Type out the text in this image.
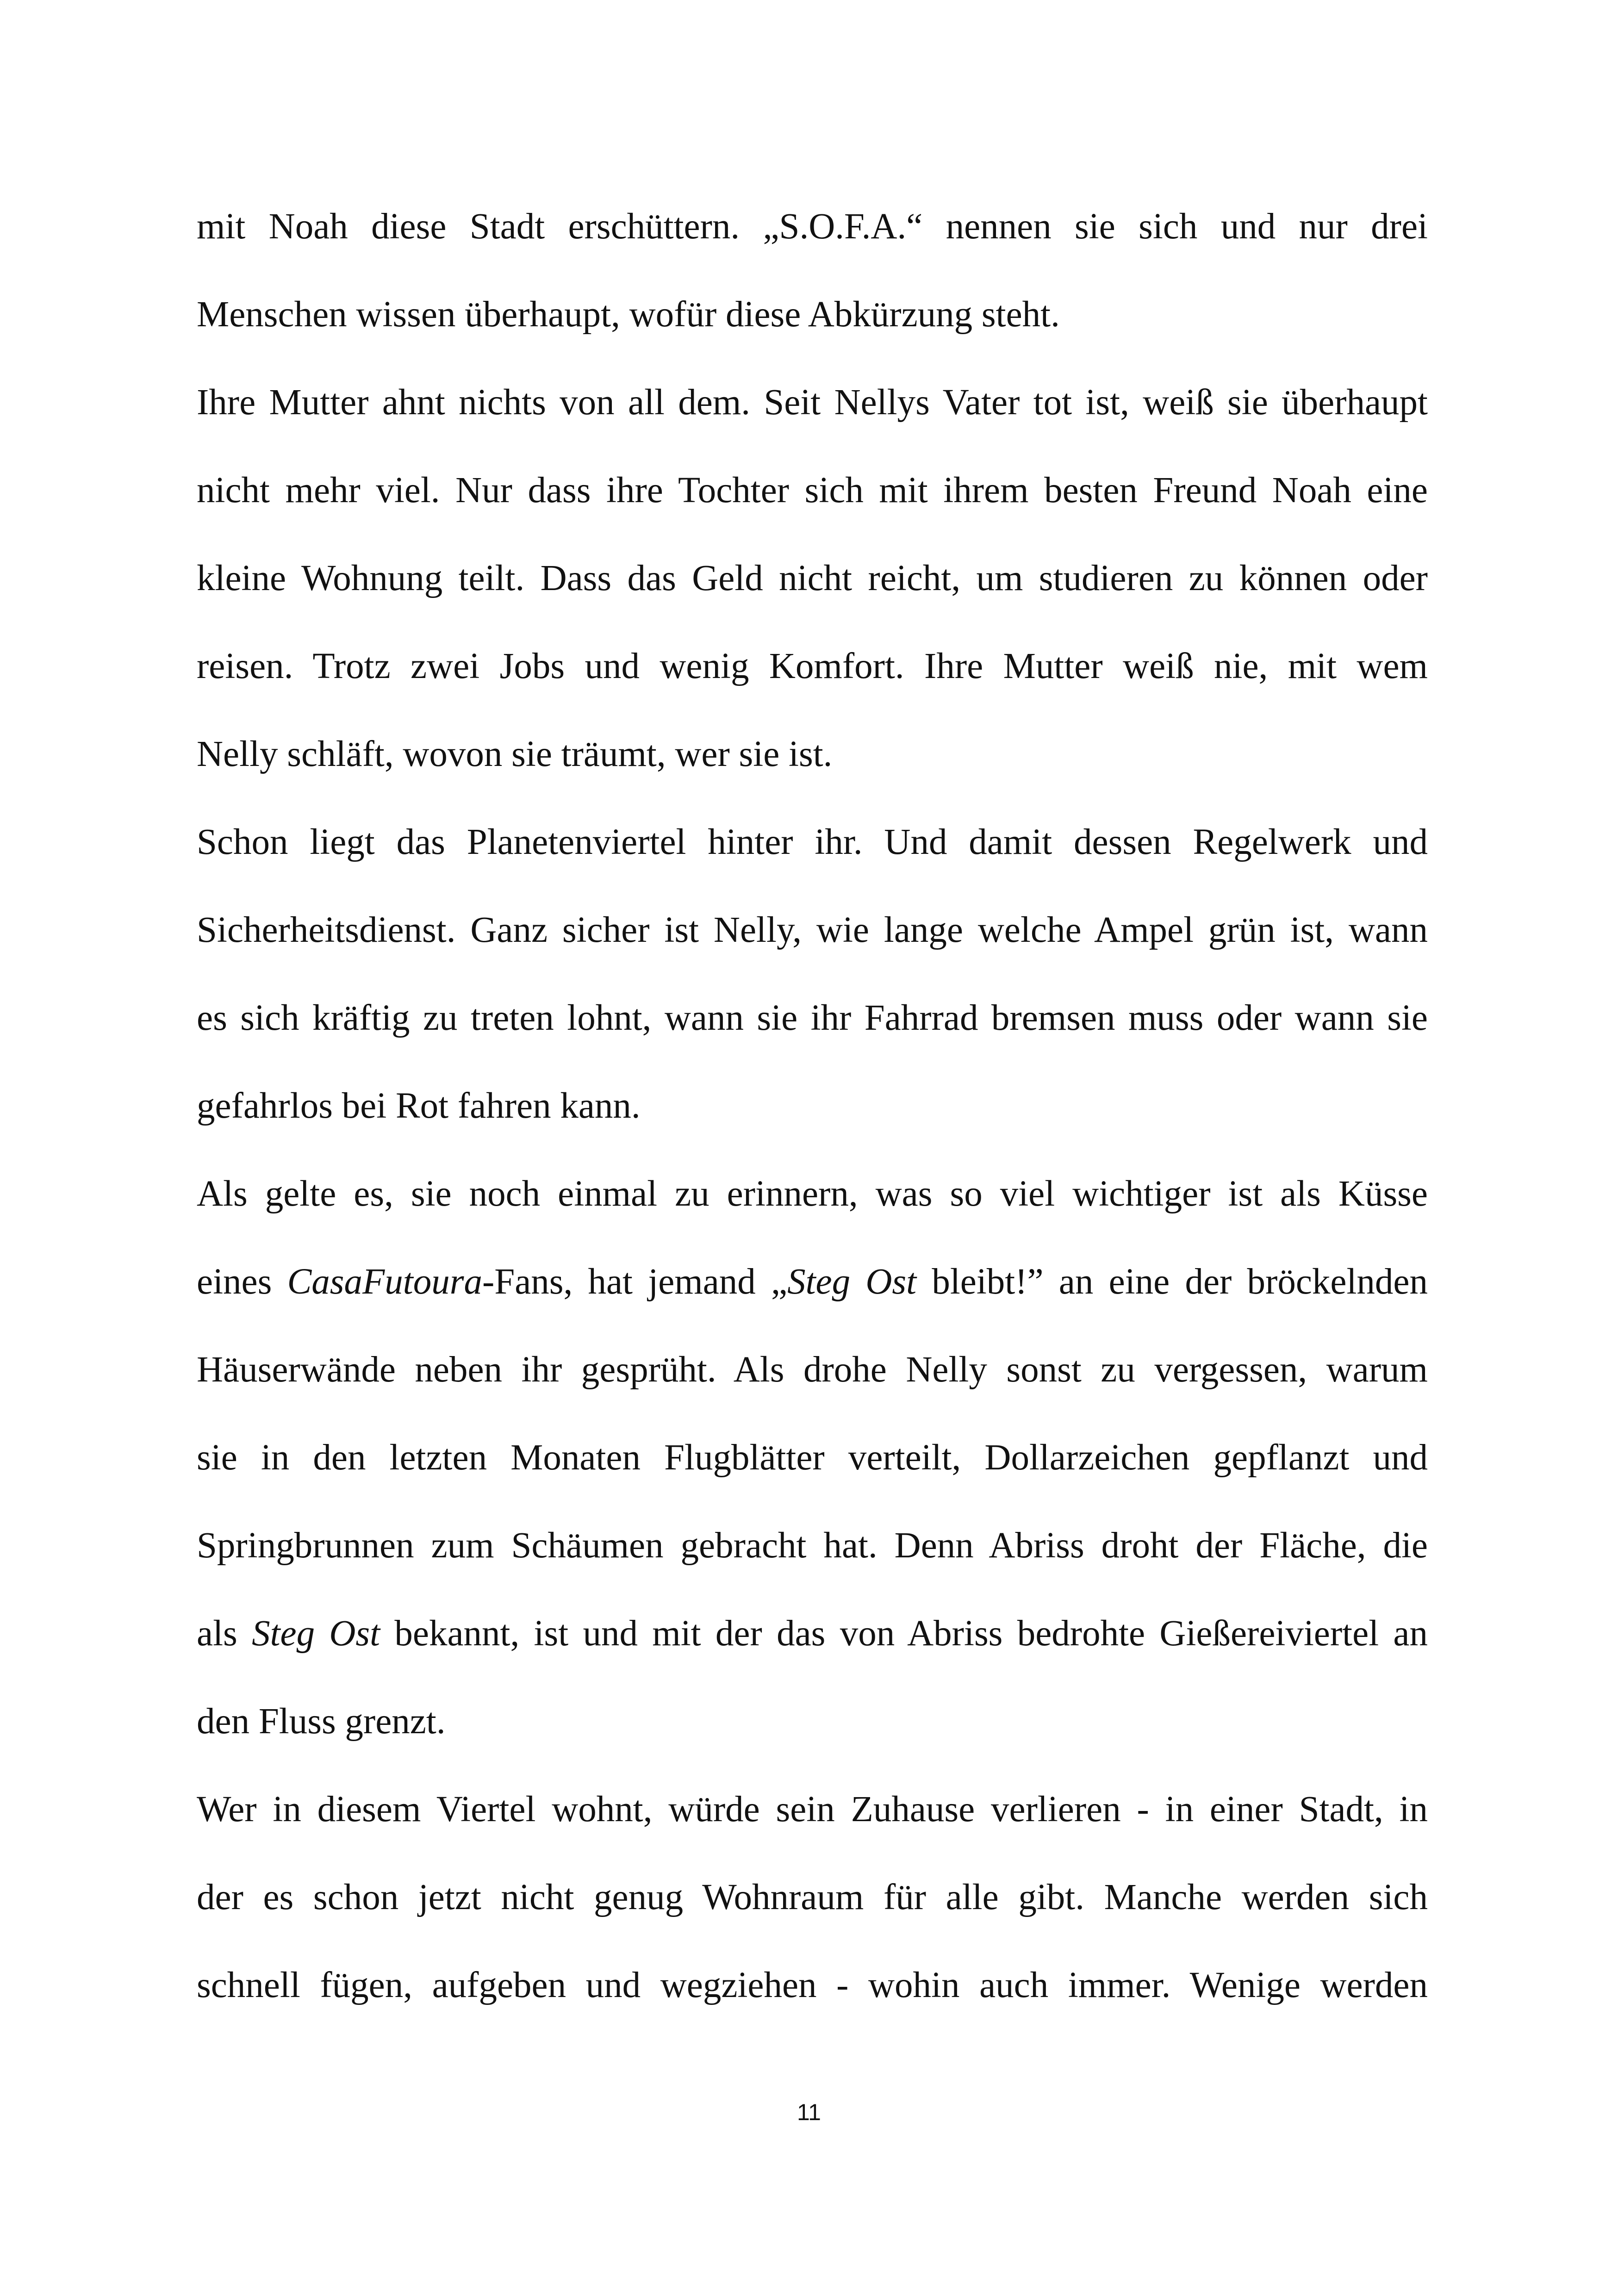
mit Noah diese Stadt erschüttern. „S.O.F.A.“ nennen sie sich und nur drei
Menschen wissen überhaupt, wofür diese Abkürzung steht.
Ihre Mutter ahnt nichts von all dem. Seit Nellys Vater tot ist, weiß sie überhaupt
nicht mehr viel. Nur dass ihre Tochter sich mit ihrem besten Freund Noah eine
kleine Wohnung teilt. Dass das Geld nicht reicht, um studieren zu können oder
reisen. Trotz zwei Jobs und wenig Komfort. Ihre Mutter weiß nie, mit wem
Nelly schläft, wovon sie träumt, wer sie ist.
Schon liegt das Planetenviertel hinter ihr. Und damit dessen Regelwerk und
Sicherheitsdienst. Ganz sicher ist Nelly, wie lange welche Ampel grün ist, wann
es sich kräftig zu treten lohnt, wann sie ihr Fahrrad bremsen muss oder wann sie
gefahrlos bei Rot fahren kann.
Als gelte es, sie noch einmal zu erinnern, was so viel wichtiger ist als Küsse
eines CasaFutoura-Fans, hat jemand „Steg Ost bleibt!” an eine der bröckelnden
Häuserwände neben ihr gesprüht. Als drohe Nelly sonst zu vergessen, warum
sie in den letzten Monaten Flugblätter verteilt, Dollarzeichen gepflanzt und
Springbrunnen zum Schäumen gebracht hat. Denn Abriss droht der Fläche, die
als Steg Ost bekannt, ist und mit der das von Abriss bedrohte Gießereiviertel an
den Fluss grenzt.
Wer in diesem Viertel wohnt, würde sein Zuhause verlieren - in einer Stadt, in
der es schon jetzt nicht genug Wohnraum für alle gibt. Manche werden sich
schnell fügen, aufgeben und wegziehen - wohin auch immer. Wenige werden
11
